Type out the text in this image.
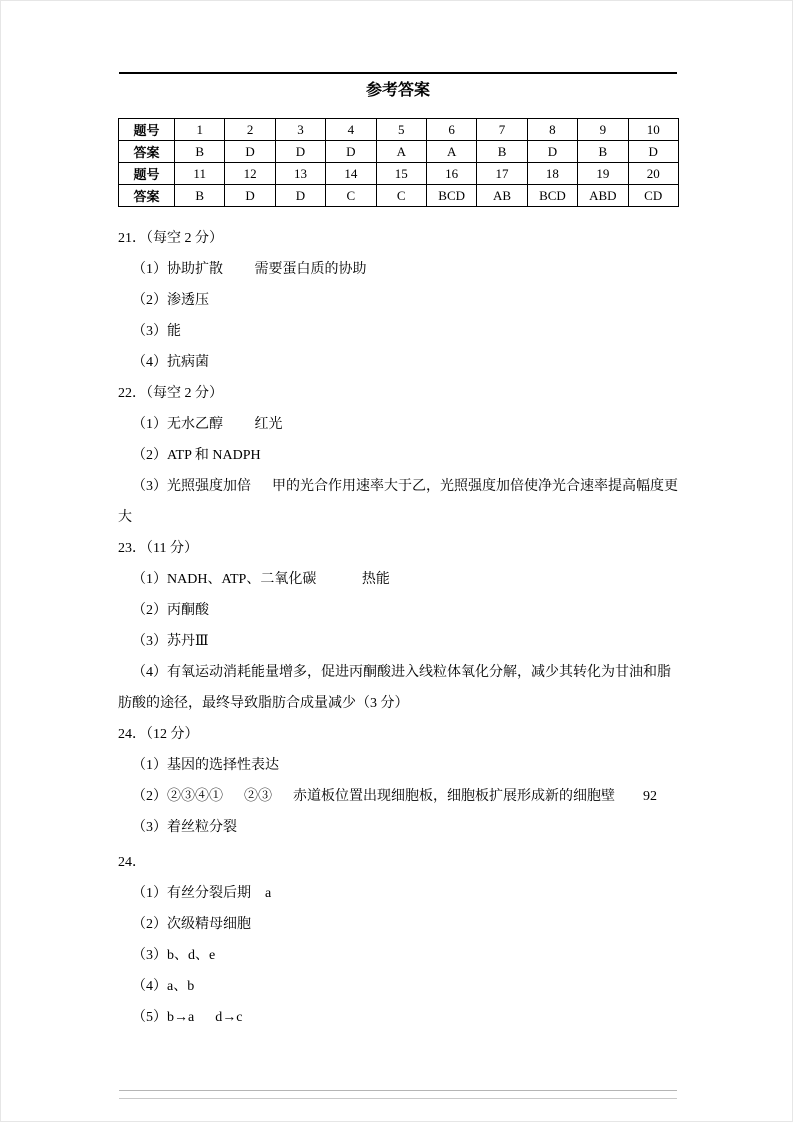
参考答案
题号	1	2	3	4	5	6	7	8	9	10
答案	B	D	D	D	A	A	B	D	B	D
题号	11	12	13	14	15	16	17	18	19	20
答案	B	D	D	C	C	BCD	AB	BCD	ABD	CD

21．（每空 2 分）

（1）协助扩散         需要蛋白质的协助

（2）渗透压

（3）能

（4）抗病菌

22．（每空 2 分）

（1）无水乙醇         红光

（2）ATP 和 NADPH

（3）光照强度加倍      甲的光合作用速率大于乙，光照强度加倍使净光合速率提高幅度更大

23．（11 分）

（1）NADH、ATP、二氧化碳             热能

（2）丙酮酸

（3）苏丹Ⅲ

（4）有氧运动消耗能量增多，促进丙酮酸进入线粒体氧化分解，减少其转化为甘油和脂肪酸的途径，最终导致脂肪合成量减少（3 分）

24．（12 分）

（1）基因的选择性表达

（2）②③④①      ②③      赤道板位置出现细胞板，细胞板扩展形成新的细胞壁        92

（3）着丝粒分裂

24．

（1）有丝分裂后期    a

（2）次级精母细胞

（3）b、d、e

（4）a、b

（5）b→a      d→c
